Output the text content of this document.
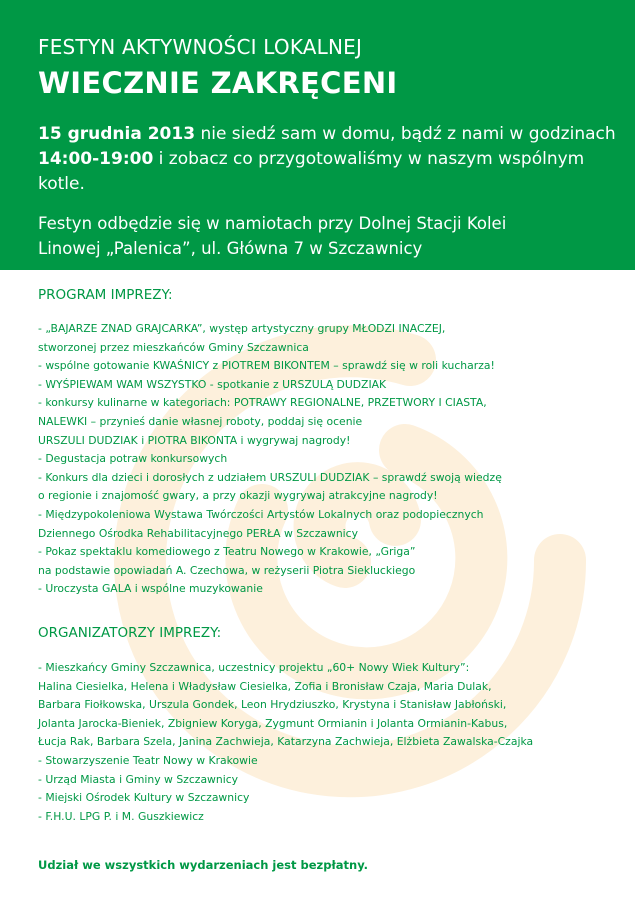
FESTYN AKTYWNOŚCI LOKALNEJ
WIECZNIE ZAKRĘCENI
15 grudnia 2013 nie siedź sam w domu, bądź z nami w godzinach 14:00-19:00 i zobacz co przygotowaliśmy w naszym wspólnym kotle.
Festyn odbędzie się w namiotach przy Dolnej Stacji Kolei
Linowej „Palenica”, ul. Główna 7 w Szczawnicy
PROGRAM IMPREZY:
- „BAJARZE ZNAD GRAJCARKA”, występ artystyczny grupy MŁODZI INACZEJ,
stworzonej przez mieszkańców Gminy Szczawnica
- wspólne gotowanie KWAŚNICY z PIOTREM BIKONTEM – sprawdź się w roli kucharza!
- WYŚPIEWAM WAM WSZYSTKO - spotkanie z URSZULĄ DUDZIAK
- konkursy kulinarne w kategoriach: POTRAWY REGIONALNE, PRZETWORY I CIASTA,
NALEWKI – przynieś danie własnej roboty, poddaj się ocenie
URSZULI DUDZIAK i PIOTRA BIKONTA i wygrywaj nagrody!
- Degustacja potraw konkursowych
- Konkurs dla dzieci i dorosłych z udziałem URSZULI DUDZIAK – sprawdź swoją wiedzę
o regionie i znajomość gwary, a przy okazji wygrywaj atrakcyjne nagrody!
- Międzypokoleniowa Wystawa Twórczości Artystów Lokalnych oraz podopiecznych
Dziennego Ośrodka Rehabilitacyjnego PERŁA w Szczawnicy
- Pokaz spektaklu komediowego z Teatru Nowego w Krakowie, „Griga”
na podstawie opowiadań A. Czechowa, w reżyserii Piotra Siekluckiego
- Uroczysta GALA i wspólne muzykowanie
ORGANIZATORZY IMPREZY:
- Mieszkańcy Gminy Szczawnica, uczestnicy projektu „60+ Nowy Wiek Kultury”:
Halina Ciesielka, Helena i Władysław Ciesielka, Zofia i Bronisław Czaja, Maria Dulak,
Barbara Fiołkowska, Urszula Gondek, Leon Hrydziuszko, Krystyna i Stanisław Jabłoński,
Jolanta Jarocka-Bieniek, Zbigniew Koryga, Zygmunt Ormianin i Jolanta Ormianin-Kabus,
Łucja Rak, Barbara Szela, Janina Zachwieja, Katarzyna Zachwieja, Elżbieta Zawalska-Czajka
- Stowarzyszenie Teatr Nowy w Krakowie
- Urząd Miasta i Gminy w Szczawnicy
- Miejski Ośrodek Kultury w Szczawnicy
- F.H.U. LPG P. i M. Guszkiewicz
Udział we wszystkich wydarzeniach jest bezpłatny.
